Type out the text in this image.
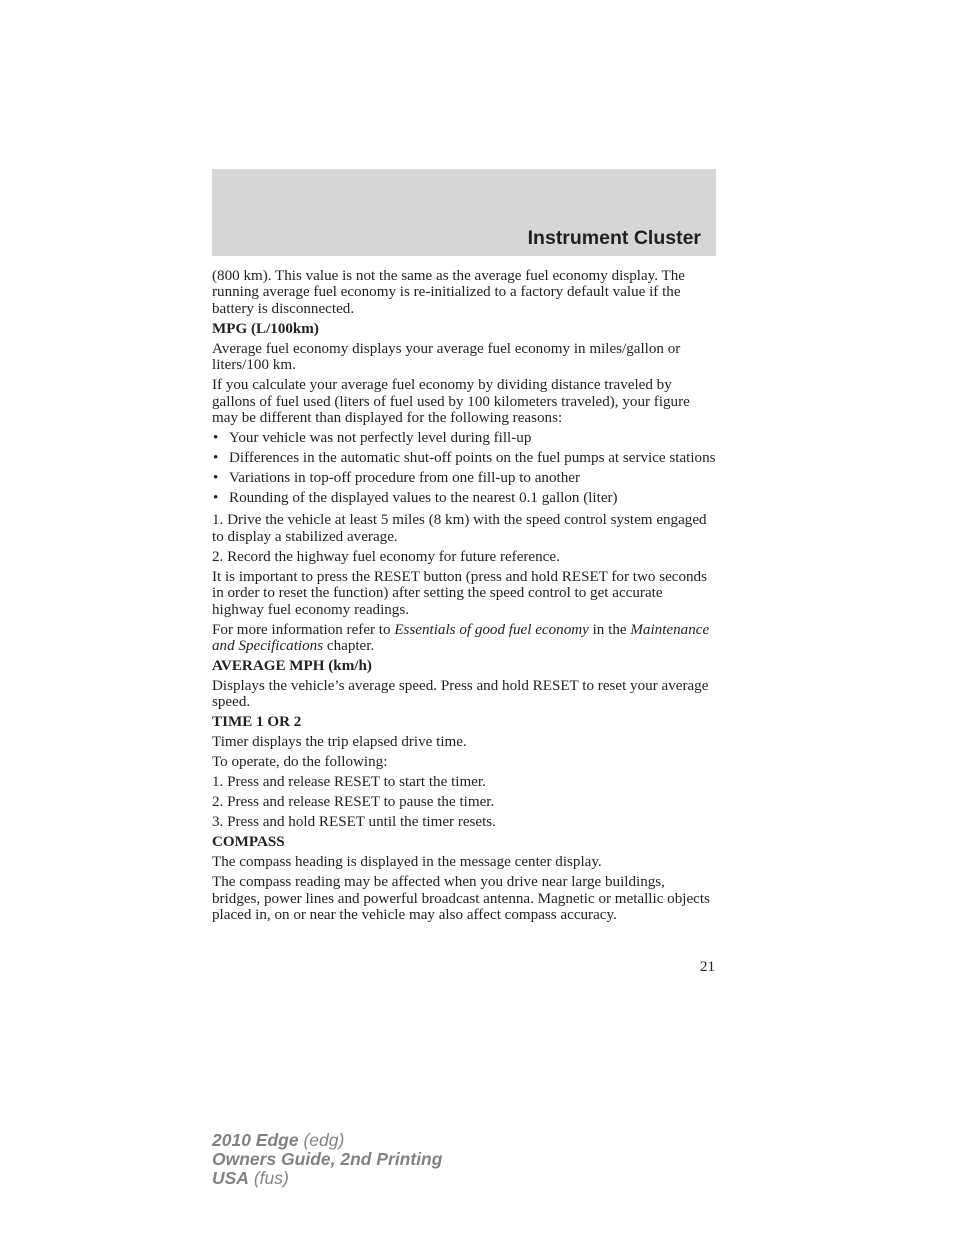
Instrument Cluster

(800 km). This value is not the same as the average fuel economy display. The running average fuel economy is re-initialized to a factory default value if the battery is disconnected.

MPG (L/100km)

Average fuel economy displays your average fuel economy in miles/gallon or liters/100 km.

If you calculate your average fuel economy by dividing distance traveled by gallons of fuel used (liters of fuel used by 100 kilometers traveled), your figure may be different than displayed for the following reasons:

• Your vehicle was not perfectly level during fill-up
• Differences in the automatic shut-off points on the fuel pumps at service stations
• Variations in top-off procedure from one fill-up to another
• Rounding of the displayed values to the nearest 0.1 gallon (liter)

1. Drive the vehicle at least 5 miles (8 km) with the speed control system engaged to display a stabilized average.

2. Record the highway fuel economy for future reference.

It is important to press the RESET button (press and hold RESET for two seconds in order to reset the function) after setting the speed control to get accurate highway fuel economy readings.

For more information refer to Essentials of good fuel economy in the Maintenance and Specifications chapter.

AVERAGE MPH (km/h)

Displays the vehicle’s average speed. Press and hold RESET to reset your average speed.

TIME 1 OR 2

Timer displays the trip elapsed drive time.

To operate, do the following:

1. Press and release RESET to start the timer.

2. Press and release RESET to pause the timer.

3. Press and hold RESET until the timer resets.

COMPASS

The compass heading is displayed in the message center display.

The compass reading may be affected when you drive near large buildings, bridges, power lines and powerful broadcast antenna. Magnetic or metallic objects placed in, on or near the vehicle may also affect compass accuracy.

21
2010 Edge (edg)
Owners Guide, 2nd Printing
USA (fus)
